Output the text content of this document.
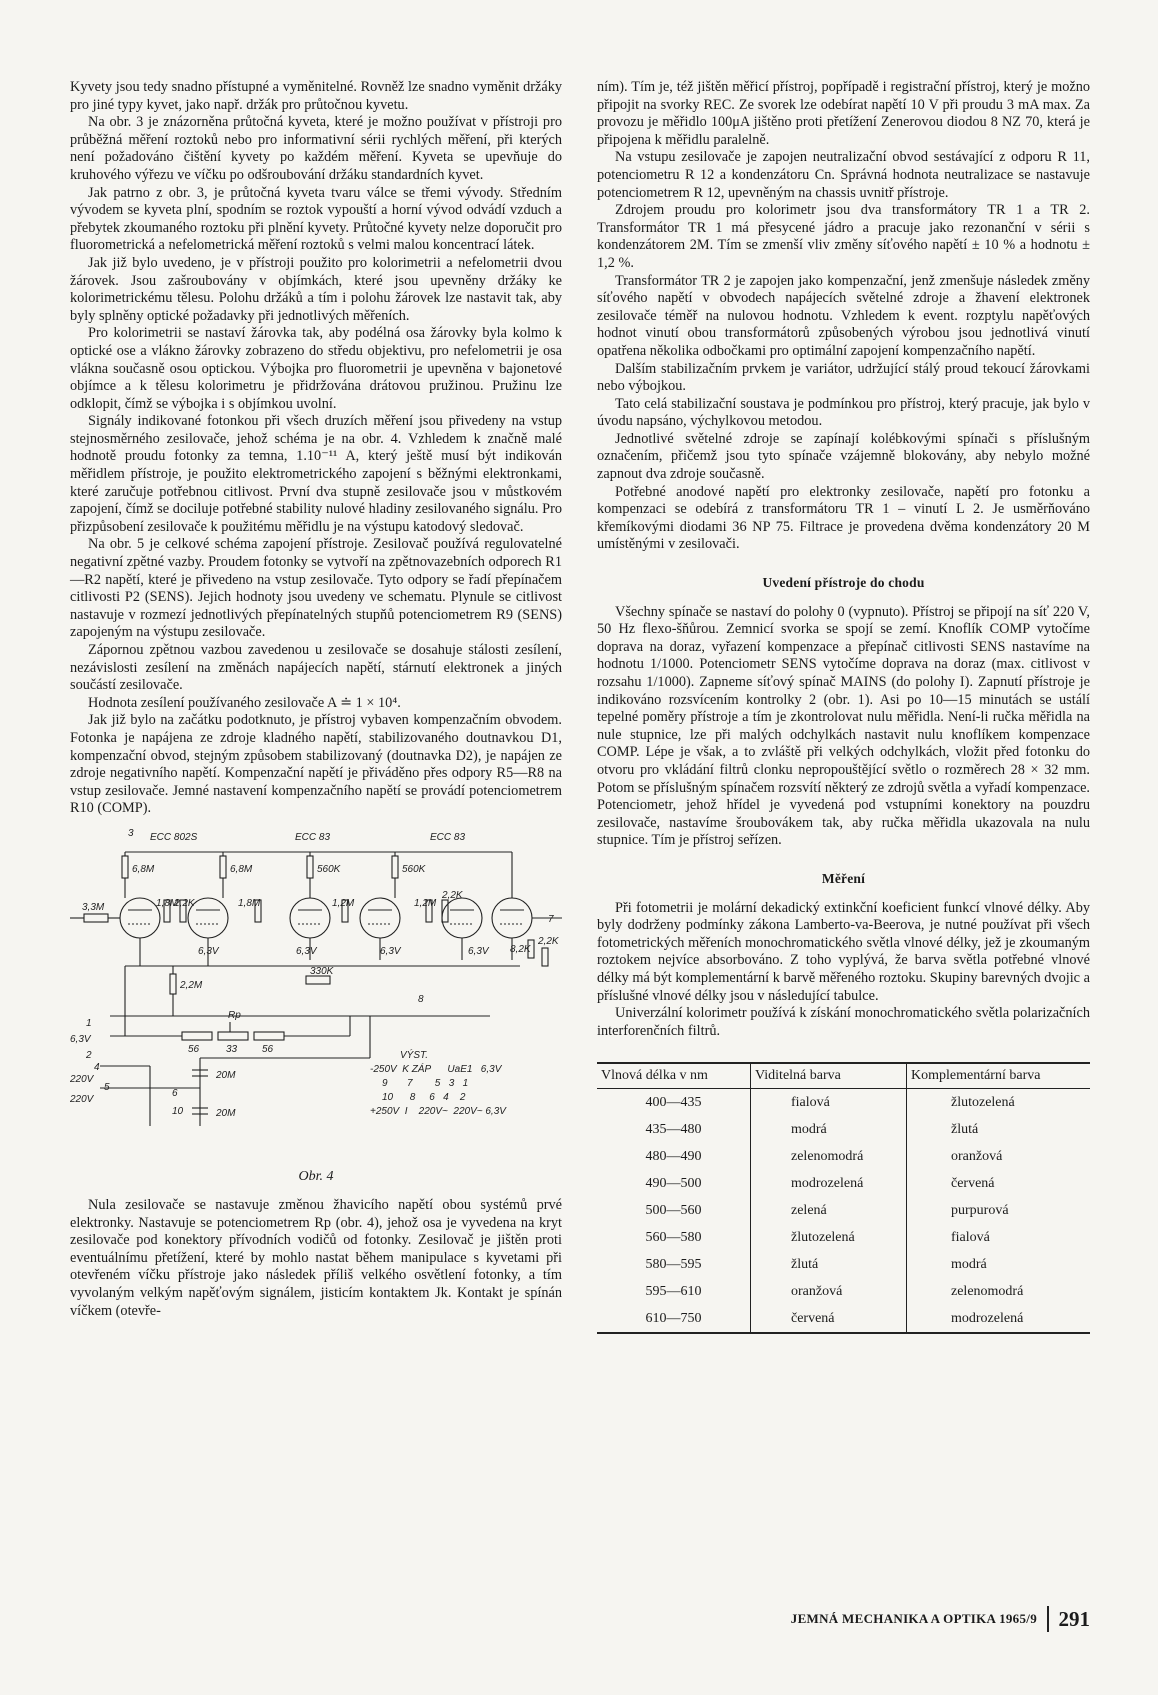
Kyvety jsou tedy snadno přístupné a vyměnitelné. Rovněž lze snadno vyměnit držáky pro jiné typy kyvet, jako např. držák pro průtočnou kyvetu.

Na obr. 3 je znázorněna průtočná kyveta, které je možno používat v přístroji pro průběžná měření roztoků nebo pro informativní sérii rychlých měření, při kterých není požadováno čištění kyvety po každém měření. Kyveta se upevňuje do kruhového výřezu ve víčku po odšroubování držáku standardních kyvet.

Jak patrno z obr. 3, je průtočná kyveta tvaru válce se třemi vývody. Středním vývodem se kyveta plní, spodním se roztok vypouští a horní vývod odvádí vzduch a přebytek zkoumaného roztoku při plnění kyvety. Průtočné kyvety nelze doporučit pro fluorometrická a nefelometrická měření roztoků s velmi malou koncentrací látek.

Jak již bylo uvedeno, je v přístroji použito pro kolorimetrii a nefelometrii dvou žárovek. Jsou zašroubovány v objímkách, které jsou upevněny držáky ke kolorimetrickému tělesu. Polohu držáků a tím i polohu žárovek lze nastavit tak, aby byly splněny optické požadavky při jednotlivých měřeních.

Pro kolorimetrii se nastaví žárovka tak, aby podélná osa žárovky byla kolmo k optické ose a vlákno žárovky zobrazeno do středu objektivu, pro nefelometrii je osa vlákna současně osou optickou. Výbojka pro fluorometrii je upevněna v bajonetové objímce a k tělesu kolorimetru je přidržována drátovou pružinou. Pružinu lze odklopit, čímž se výbojka i s objímkou uvolní.

Signály indikované fotonkou při všech druzích měření jsou přivedeny na vstup stejnosměrného zesilovače, jehož schéma je na obr. 4. Vzhledem k značně malé hodnotě proudu fotonky za temna, 1.10⁻¹¹ A, který ještě musí být indikován měřidlem přístroje, je použito elektrometrického zapojení s běžnými elektronkami, které zaručuje potřebnou citlivost. První dva stupně zesilovače jsou v můstkovém zapojení, čímž se dociluje potřebné stability nulové hladiny zesilovaného signálu. Pro přizpůsobení zesilovače k použitému měřidlu je na výstupu katodový sledovač.

Na obr. 5 je celkové schéma zapojení přístroje. Zesilovač používá regulovatelné negativní zpětné vazby. Proudem fotonky se vytvoří na zpětnovazebních odporech R1—R2 napětí, které je přivedeno na vstup zesilovače. Tyto odpory se řadí přepínačem citlivosti P2 (SENS). Jejich hodnoty jsou uvedeny ve schematu. Plynule se citlivost nastavuje v rozmezí jednotlivých přepínatelných stupňů potenciometrem R9 (SENS) zapojeným na výstupu zesilovače.

Zápornou zpětnou vazbou zavedenou u zesilovače se dosahuje stálosti zesílení, nezávislosti zesílení na změnách napájecích napětí, stárnutí elektronek a jiných součástí zesilovače.

Hodnota zesílení používaného zesilovače A ≐ 1 × 10⁴.

Jak již bylo na začátku podotknuto, je přístroj vybaven kompenzačním obvodem. Fotonka je napájena ze zdroje kladného napětí, stabilizovaného doutnavkou D1, kompenzační obvod, stejným způsobem stabilizovaný (doutnavka D2), je napájen ze zdroje negativního napětí. Kompenzační napětí je přiváděno přes odpory R5—R8 na vstup zesilovače. Jemné nastavení kompenzačního napětí se provádí potenciometrem R10 (COMP).

ECC 802S	ECC 83	ECC 83
6,8M	6,8M	560K	560K
3,3M	1,8M
2,2K	1,8M	1,2M	1,2M
2,2K
8,2K
2,2K
6,3V	6,3V	6,3V	6,3V
2,2M
330K
Rp
56	33 56
20M
20M
6,3V
220V
220V
1
2
3
4
5
6
7
8
10
VÝST.
-250V  K ZÁP      UaE1   6,3V
9       7        5   3   1
10      8     6   4    2
+250V  I    220V~  220V~ 6,3V
Obr. 4

Nula zesilovače se nastavuje změnou žhavicího napětí obou systémů prvé elektronky. Nastavuje se potenciometrem Rp (obr. 4), jehož osa je vyvedena na kryt zesilovače pod konektory přívodních vodičů od fotonky. Zesilovač je jištěn proti eventuálnímu přetížení, které by mohlo nastat během manipulace s kyvetami při otevřeném víčku přístroje jako následek příliš velkého osvětlení fotonky, a tím vyvolaným velkým napěťovým signálem, jisticím kontaktem Jk. Kontakt je spínán víčkem (otevře-

ním). Tím je, též jištěn měřicí přístroj, popřípadě i registrační přístroj, který je možno připojit na svorky REC. Ze svorek lze odebírat napětí 10 V při proudu 3 mA max. Za provozu je měřidlo 100μA jištěno proti přetížení Zenerovou diodou 8 NZ 70, která je připojena k měřidlu paralelně.

Na vstupu zesilovače je zapojen neutralizační obvod sestávající z odporu R 11, potenciometru R 12 a kondenzátoru Cn. Správná hodnota neutralizace se nastavuje potenciometrem R 12, upevněným na chassis uvnitř přístroje.

Zdrojem proudu pro kolorimetr jsou dva transformátory TR 1 a TR 2. Transformátor TR 1 má přesycené jádro a pracuje jako rezonanční v sérii s kondenzátorem 2M. Tím se zmenší vliv změny síťového napětí ± 10 % a hodnotu ± 1,2 %.

Transformátor TR 2 je zapojen jako kompenzační, jenž zmenšuje následek změny síťového napětí v obvodech napájecích světelné zdroje a žhavení elektronek zesilovače téměř na nulovou hodnotu. Vzhledem k event. rozptylu napěťových hodnot vinutí obou transformátorů způsobených výrobou jsou jednotlivá vinutí opatřena několika odbočkami pro optimální zapojení kompenzačního napětí.

Dalším stabilizačním prvkem je variátor, udržující stálý proud tekoucí žárovkami nebo výbojkou.

Tato celá stabilizační soustava je podmínkou pro přístroj, který pracuje, jak bylo v úvodu napsáno, výchylkovou metodou.

Jednotlivé světelné zdroje se zapínají kolébkovými spínači s příslušným označením, přičemž jsou tyto spínače vzájemně blokovány, aby nebylo možné zapnout dva zdroje současně.

Potřebné anodové napětí pro elektronky zesilovače, napětí pro fotonku a kompenzaci se odebírá z transformátoru TR 1 – vinutí L 2. Je usměrňováno křemíkovými diodami 36 NP 75. Filtrace je provedena dvěma kondenzátory 20 M umístěnými v zesilovači.

Uvedení přístroje do chodu

Všechny spínače se nastaví do polohy 0 (vypnuto). Přístroj se připojí na síť 220 V, 50 Hz flexo-šňůrou. Zemnicí svorka se spojí se zemí. Knoflík COMP vytočíme doprava na doraz, vyřazení kompenzace a přepínač citlivosti SENS nastavíme na hodnotu 1/1000. Potenciometr SENS vytočíme doprava na doraz (max. citlivost v rozsahu 1/1000). Zapneme síťový spínač MAINS (do polohy I). Zapnutí přístroje je indikováno rozsvícením kontrolky 2 (obr. 1). Asi po 10—15 minutách se ustálí tepelné poměry přístroje a tím je zkontrolovat nulu měřidla. Není-li ručka měřidla na nule stupnice, lze při malých odchylkách nastavit nulu knoflíkem kompenzace COMP. Lépe je však, a to zvláště při velkých odchylkách, vložit před fotonku do otvoru pro vkládání filtrů clonku nepropouštějící světlo o rozměrech 28 × 32 mm. Potom se příslušným spínačem rozsvítí některý ze zdrojů světla a vyřadí kompenzace. Potenciometr, jehož hřídel je vyvedená pod vstupními konektory na pouzdru zesilovače, nastavíme šroubovákem tak, aby ručka měřidla ukazovala na nulu stupnice. Tím je přístroj seřízen.

Měření

Při fotometrii je molární dekadický extinkční koeficient funkcí vlnové délky. Aby byly dodrženy podmínky zákona Lamberto-va-Beerova, je nutné používat při všech fotometrických měřeních monochromatického světla vlnové délky, jež je zkoumaným roztokem nejvíce absorbováno. Z toho vyplývá, že barva světla potřebné vlnové délky má být komplementární k barvě měřeného roztoku. Skupiny barevných dvojic a příslušné vlnové délky jsou v následující tabulce.

Univerzální kolorimetr používá k získání monochromatického světla polarizačních interforenčních filtrů.

Vlnová délka v nm	Viditelná barva	Komplementární barva
400—435	fialová	žlutozelená
435—480	modrá	žlutá
480—490	zelenomodrá	oranžová
490—500	modrozelená	červená
500—560	zelená	purpurová
560—580	žlutozelená	fialová
580—595	žlutá	modrá
595—610	oranžová	zelenomodrá
610—750	červená	modrozelená
JEMNÁ MECHANIKA A OPTIKA 1965/9 291
